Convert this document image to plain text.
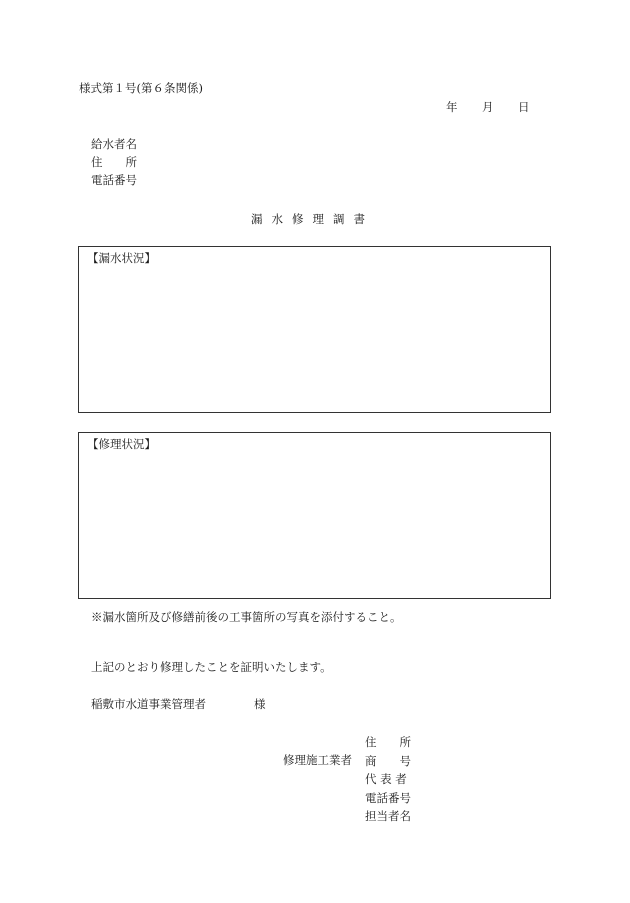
様式第１号(第６条関係)
年 月 日
給水者名
住　　所
電話番号
漏水修理調書
【漏水状況】
【修理状況】
※漏水箇所及び修繕前後の工事箇所の写真を添付すること。
上記のとおり修理したことを証明いたします。
稲敷市水道事業管理者	様
修理施工業者
住　　所
商　　号
代 表 者
電話番号
担当者名
